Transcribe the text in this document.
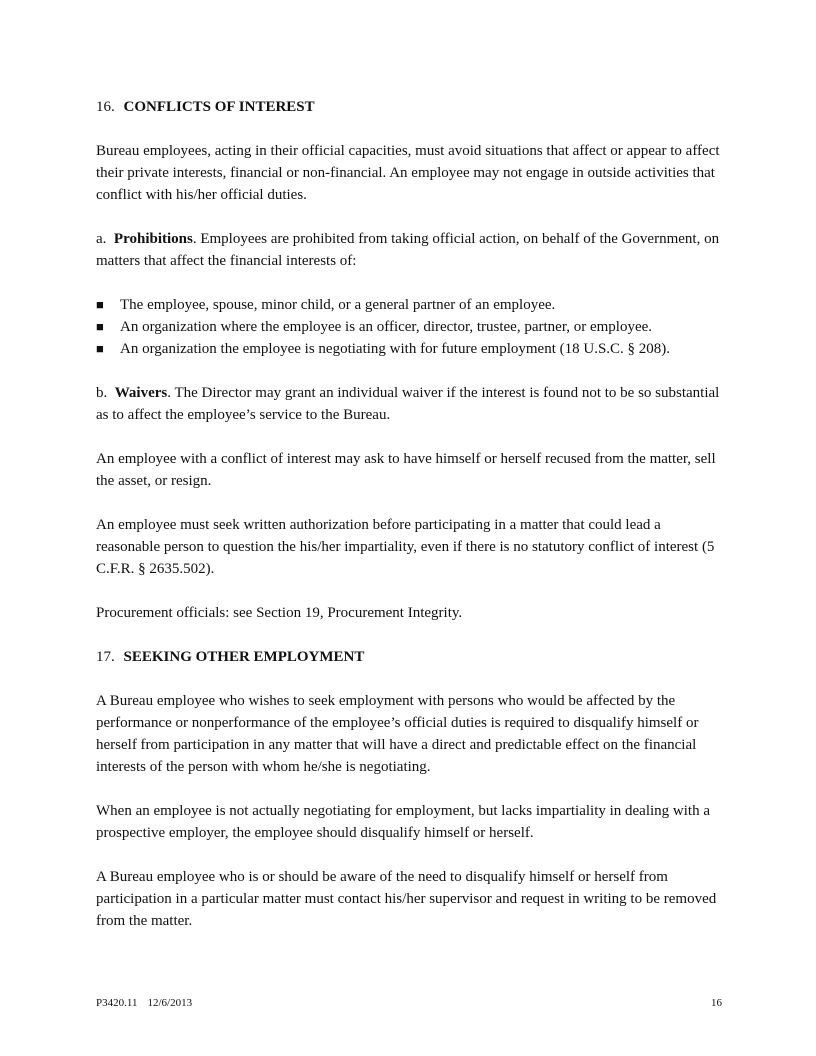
16. CONFLICTS OF INTEREST

Bureau employees, acting in their official capacities, must avoid situations that affect or appear to affect their private interests, financial or non-financial. An employee may not engage in outside activities that conflict with his/her official duties.

a. Prohibitions. Employees are prohibited from taking official action, on behalf of the Government, on matters that affect the financial interests of:

■ The employee, spouse, minor child, or a general partner of an employee.
■ An organization where the employee is an officer, director, trustee, partner, or employee.
■ An organization the employee is negotiating with for future employment (18 U.S.C. § 208).

b. Waivers. The Director may grant an individual waiver if the interest is found not to be so substantial as to affect the employee’s service to the Bureau.

An employee with a conflict of interest may ask to have himself or herself recused from the matter, sell the asset, or resign.

An employee must seek written authorization before participating in a matter that could lead a reasonable person to question the his/her impartiality, even if there is no statutory conflict of interest (5 C.F.R. § 2635.502).

Procurement officials: see Section 19, Procurement Integrity.

17. SEEKING OTHER EMPLOYMENT

A Bureau employee who wishes to seek employment with persons who would be affected by the performance or nonperformance of the employee’s official duties is required to disqualify himself or herself from participation in any matter that will have a direct and predictable effect on the financial interests of the person with whom he/she is negotiating.

When an employee is not actually negotiating for employment, but lacks impartiality in dealing with a prospective employer, the employee should disqualify himself or herself.

A Bureau employee who is or should be aware of the need to disqualify himself or herself from participation in a particular matter must contact his/her supervisor and request in writing to be removed from the matter.

P3420.11 12/6/2013	16
